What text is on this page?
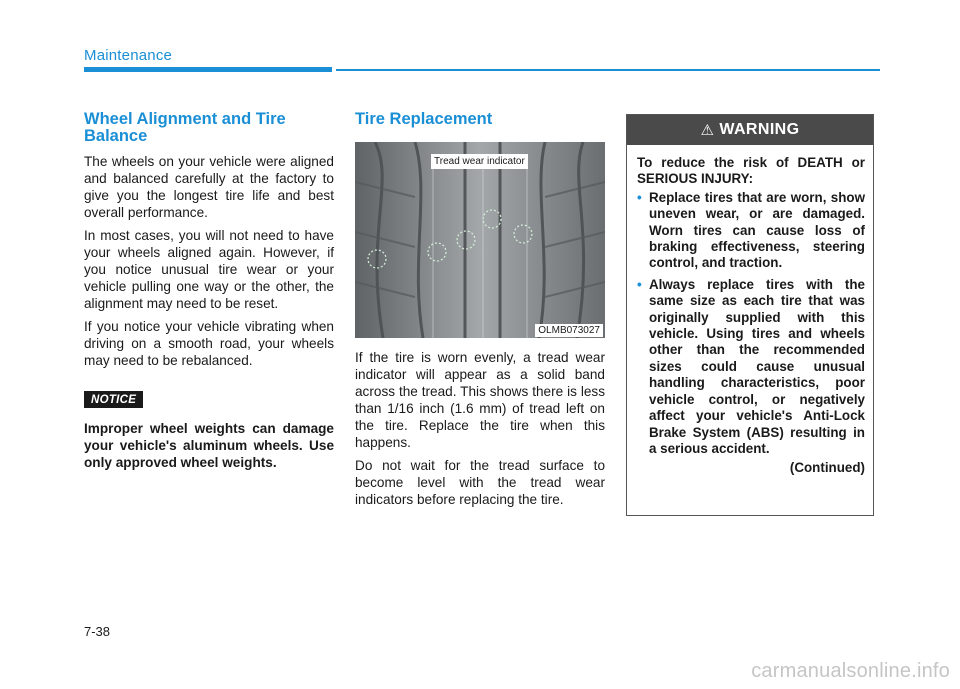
Maintenance
Wheel Alignment and Tire Balance

The wheels on your vehicle were aligned and balanced carefully at the factory to give you the longest tire life and best overall performance.

In most cases, you will not need to have your wheels aligned again. However, if you notice unusual tire wear or your vehicle pulling one way or the other, the alignment may need to be reset.

If you notice your vehicle vibrating when driving on a smooth road, your wheels may need to be rebalanced.

NOTICE

Improper wheel weights can damage your vehicle's aluminum wheels. Use only approved wheel weights.

Tire Replacement
Tread wear indicator
OLMB073027

If the tire is worn evenly, a tread wear indicator will appear as a solid band across the tread. This shows there is less than 1/16 inch (1.6 mm) of tread left on the tire. Replace the tire when this happens.

Do not wait for the tread surface to become level with the tread wear indicators before replacing the tire.

⚠ WARNING

To reduce the risk of DEATH or SERIOUS INJURY:

• Replace tires that are worn, show uneven wear, or are damaged. Worn tires can cause loss of braking effectiveness, steering control, and traction.
• Always replace tires with the same size as each tire that was originally supplied with this vehicle. Using tires and wheels other than the recommended sizes could cause unusual handling characteristics, poor vehicle control, or negatively affect your vehicle's Anti-Lock Brake System (ABS) resulting in a serious accident.
(Continued)
7-38
carmanualsonline.info
